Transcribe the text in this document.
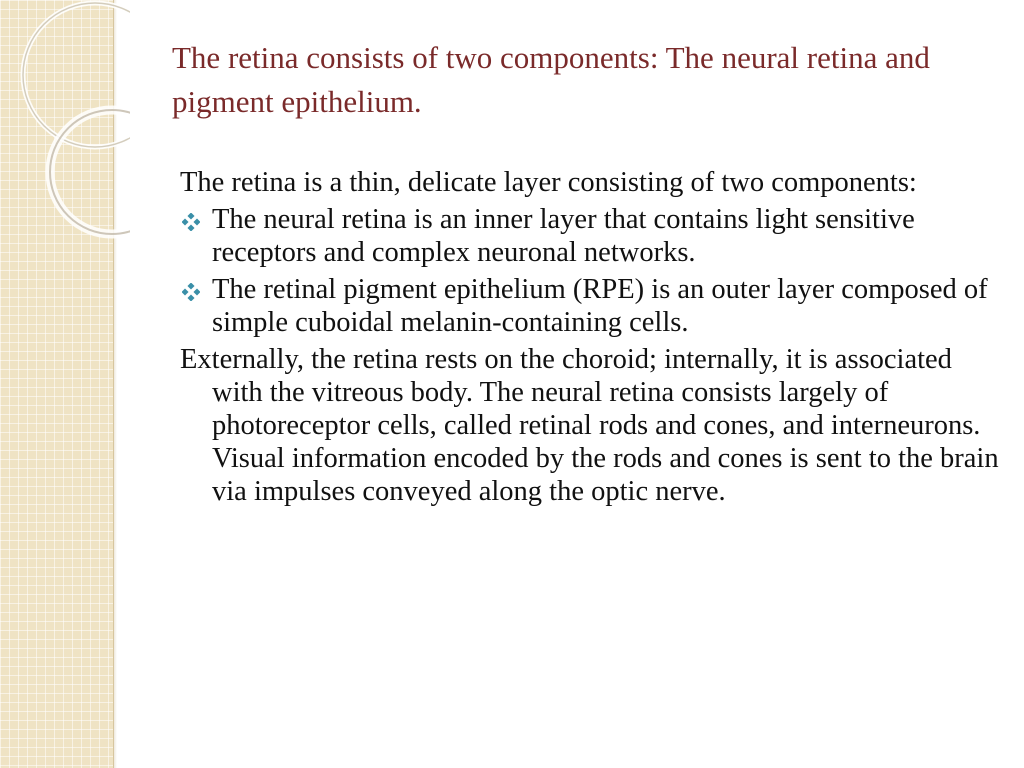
The retina consists of two components: The neural retina and pigment epithelium.

The retina is a thin, delicate layer consisting of two components:

The neural retina is an inner layer that contains light sensitive receptors and complex neuronal networks.
The retinal pigment epithelium (RPE) is an outer layer composed of simple cuboidal melanin-containing cells.

Externally, the retina rests on the choroid; internally, it is associated with the vitreous body. The neural retina consists largely of photoreceptor cells, called retinal rods and cones, and interneurons. Visual information encoded by the rods and cones is sent to the brain via impulses conveyed along the optic nerve.
